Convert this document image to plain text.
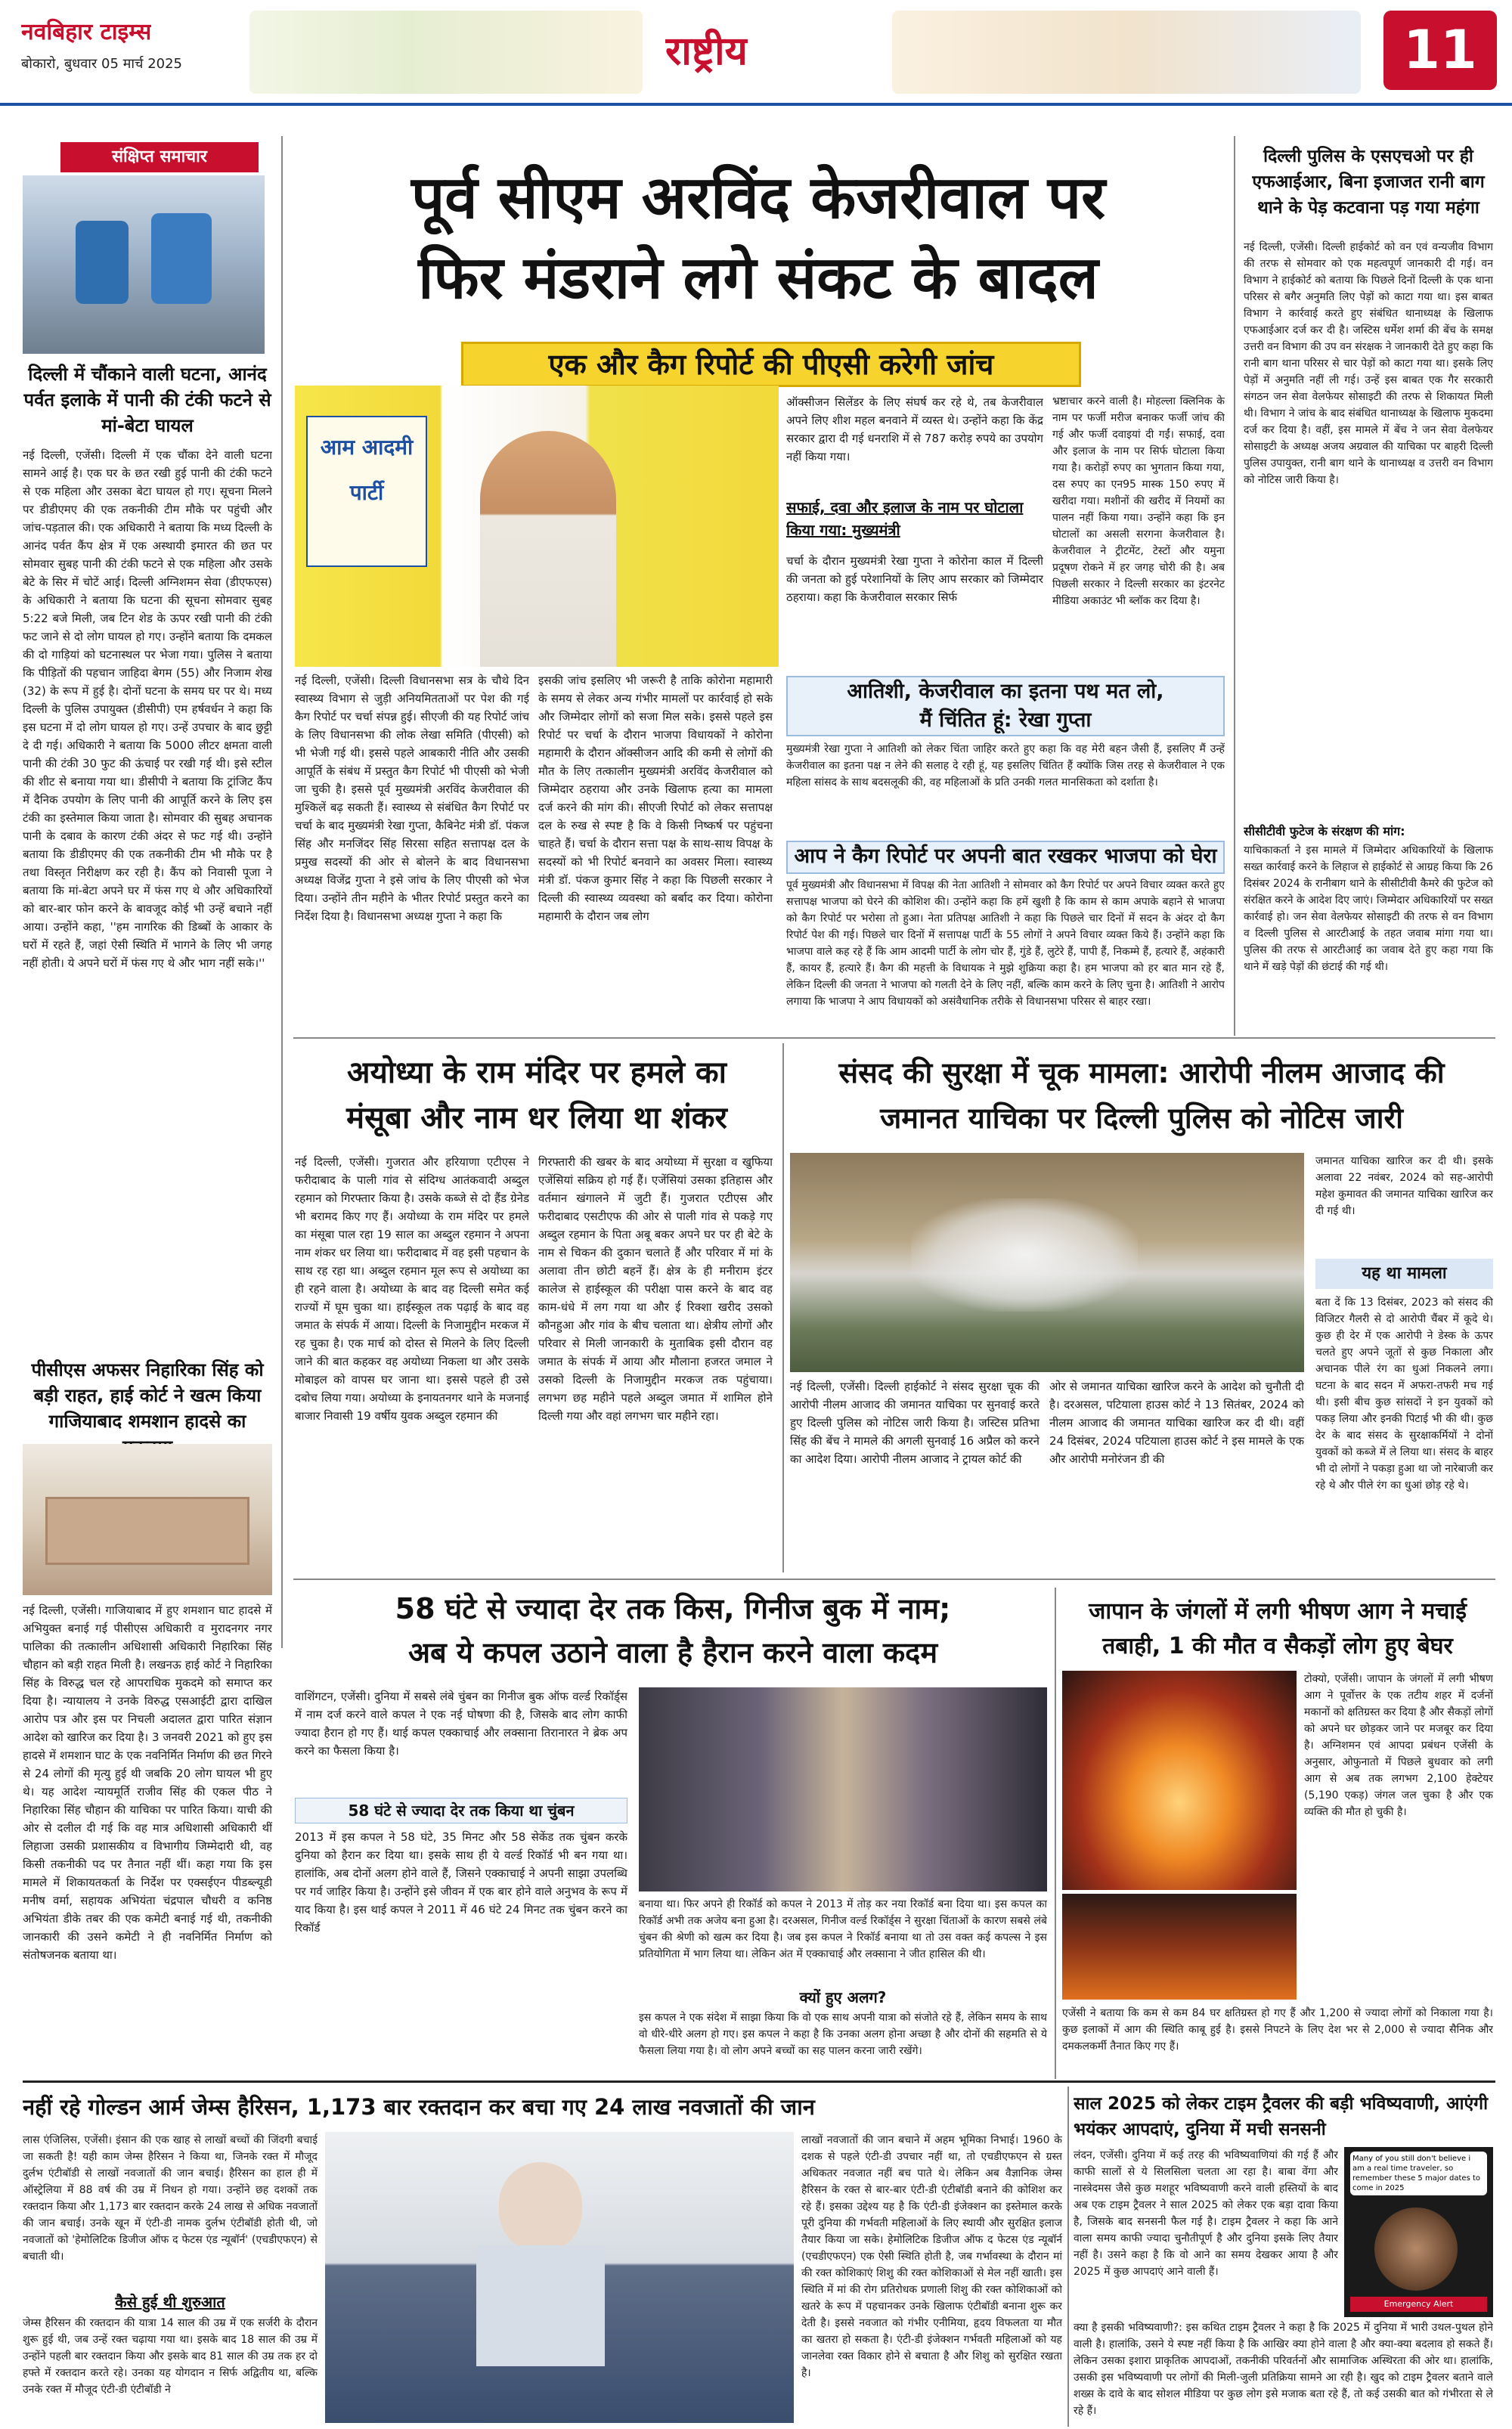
नवबिहार टाइम्स
बोकारो, बुधवार 05 मार्च 2025	राष्ट्रीय	11
संक्षिप्त समाचार
दिल्ली में चौंकाने वाली घटना, आनंद पर्वत इलाके में पानी की टंकी फटने से मां-बेटा घायल
नई दिल्ली, एजेंसी। दिल्ली में एक चौंका देने वाली घटना सामने आई है। एक घर के छत रखी हुई पानी की टंकी फटने से एक महिला और उसका बेटा घायल हो गए। सूचना मिलने पर डीडीएमए की एक तकनीकी टीम मौके पर पहुंची और जांच-पड़ताल की। एक अधिकारी ने बताया कि मध्य दिल्ली के आनंद पर्वत कैंप क्षेत्र में एक अस्थायी इमारत की छत पर सोमवार सुबह पानी की टंकी फटने से एक महिला और उसके बेटे के सिर में चोटें आई। दिल्ली अग्निशमन सेवा (डीएफएस) के अधिकारी ने बताया कि घटना की सूचना सोमवार सुबह 5:22 बजे मिली, जब टिन शेड के ऊपर रखी पानी की टंकी फट जाने से दो लोग घायल हो गए। उन्होंने बताया कि दमकल की दो गाड़ियां को घटनास्थल पर भेजा गया। पुलिस ने बताया कि पीड़ितों की पहचान जाहिदा बेगम (55) और निजाम शेख (32) के रूप में हुई है। दोनों घटना के समय घर पर थे। मध्य दिल्ली के पुलिस उपायुक्त (डीसीपी) एम हर्षवर्धन ने कहा कि इस घटना में दो लोग घायल हो गए। उन्हें उपचार के बाद छुट्टी दे दी गई। अधिकारी ने बताया कि 5000 लीटर क्षमता वाली पानी की टंकी 30 फुट की ऊंचाई पर रखी गई थी। इसे स्टील की शीट से बनाया गया था। डीसीपी ने बताया कि ट्रांजिट कैंप में दैनिक उपयोग के लिए पानी की आपूर्ति करने के लिए इस टंकी का इस्तेमाल किया जाता है। सोमवार की सुबह अचानक पानी के दबाव के कारण टंकी अंदर से फट गई थी। उन्होंने बताया कि डीडीएमए की एक तकनीकी टीम भी मौके पर है तथा विस्तृत निरीक्षण कर रही है। कैंप को निवासी पूजा ने बताया कि मां-बेटा अपने घर में फंस गए थे और अधिकारियों को बार-बार फोन करने के बावजूद कोई भी उन्हें बचाने नहीं आया। उन्होंने कहा, ''हम नागरिक की डिब्बों के आकार के घरों में रहते हैं, जहां ऐसी स्थिति में भागने के लिए भी जगह नहीं होती। ये अपने घरों में फंस गए थे और भाग नहीं सके।''
पीसीएस अफसर निहारिका सिंह को बड़ी राहत, हाई कोर्ट ने खत्म किया गाजियाबाद शमशान हादसे का
नई दिल्ली, एजेंसी। गाजियाबाद में हुए शमशान घाट हादसे में अभियुक्त बनाई गई पीसीएस अधिकारी व मुरादनगर नगर पालिका की तत्कालीन अधिशासी अधिकारी निहारिका सिंह चौहान को बड़ी राहत मिली है। लखनऊ हाई कोर्ट ने निहारिका सिंह के विरुद्ध चल रहे आपराधिक मुकदमे को समाप्त कर दिया है। न्यायालय ने उनके विरुद्ध एसआईटी द्वारा दाखिल आरोप पत्र और इस पर निचली अदालत द्वारा पारित संज्ञान आदेश को खारिज कर दिया है। 3 जनवरी 2021 को हुए इस हादसे में शमशान घाट के एक नवनिर्मित निर्माण की छत गिरने से 24 लोगों की मृत्यु हुई थी जबकि 20 लोग घायल भी हुए थे। यह आदेश न्यायमूर्ति राजीव सिंह की एकल पीठ ने निहारिका सिंह चौहान की याचिका पर पारित किया। याची की ओर से दलील दी गई कि वह मात्र अधिशासी अधिकारी थीं लिहाजा उसकी प्रशासकीय व विभागीय जिम्मेदारी थी, वह किसी तकनीकी पद पर तैनात नहीं थीं। कहा गया कि इस मामले में शिकायतकर्ता के निर्देश पर एक्सईएन पीडब्ल्यूडी मनीष वर्मा, सहायक अभियंता चंद्रपाल चौधरी व कनिष्ठ अभियंता डीके तबर की एक कमेटी बनाई गई थी, तकनीकी जानकारी की उसने कमेटी ने ही नवनिर्मित निर्माण को संतोषजनक बताया था।
पूर्व सीएम अरविंद केजरीवाल पर
फिर मंडराने लगे संकट के बादल
एक और कैग रिपोर्ट की पीएसी करेगी जांच
आम आदमी पार्टी
नई दिल्ली, एजेंसी। दिल्ली विधानसभा सत्र के चौथे दिन स्वास्थ्य विभाग से जुड़ी अनियमितताओं पर पेश की गई कैग रिपोर्ट पर चर्चा संपन्न हुई। सीएजी की यह रिपोर्ट जांच के लिए विधानसभा की लोक लेखा समिति (पीएसी) को भी भेजी गई थी। इससे पहले आबकारी नीति और उसकी आपूर्ति के संबंध में प्रस्तुत कैग रिपोर्ट भी पीएसी को भेजी जा चुकी है। इससे पूर्व मुख्यमंत्री अरविंद केजरीवाल की मुश्किलें बढ़ सकती हैं। स्वास्थ्य से संबंधित कैग रिपोर्ट पर चर्चा के बाद मुख्यमंत्री रेखा गुप्ता, कैबिनेट मंत्री डॉ. पंकज सिंह और मनजिंदर सिंह सिरसा सहित सत्तापक्ष दल के प्रमुख सदस्यों की ओर से बोलने के बाद विधानसभा अध्यक्ष विजेंद्र गुप्ता ने इसे जांच के लिए पीएसी को भेज दिया। उन्होंने तीन महीने के भीतर रिपोर्ट प्रस्तुत करने का निर्देश दिया है। विधानसभा अध्यक्ष गुप्ता ने कहा कि
इसकी जांच इसलिए भी जरूरी है ताकि कोरोना महामारी के समय से लेकर अन्य गंभीर मामलों पर कार्रवाई हो सके और जिम्मेदार लोगों को सजा मिल सके। इससे पहले इस रिपोर्ट पर चर्चा के दौरान भाजपा विधायकों ने कोरोना महामारी के दौरान ऑक्सीजन आदि की कमी से लोगों की मौत के लिए तत्कालीन मुख्यमंत्री अरविंद केजरीवाल को जिम्मेदार ठहराया और उनके खिलाफ हत्या का मामला दर्ज करने की मांग की। सीएजी रिपोर्ट को लेकर सत्तापक्ष दल के रुख से स्पष्ट है कि वे किसी निष्कर्ष पर पहुंचना चाहते हैं। चर्चा के दौरान सत्ता पक्ष के साथ-साथ विपक्ष के सदस्यों को भी रिपोर्ट बनवाने का अवसर मिला। स्वास्थ्य मंत्री डॉ. पंकज कुमार सिंह ने कहा कि पिछली सरकार ने दिल्ली की स्वास्थ्य व्यवस्था को बर्बाद कर दिया। कोरोना महामारी के दौरान जब लोग
ऑक्सीजन सिलेंडर के लिए संघर्ष कर रहे थे, तब केजरीवाल अपने लिए शीश महल बनवाने में व्यस्त थे। उन्होंने कहा कि केंद्र सरकार द्वारा दी गई धनराशि में से 787 करोड़ रुपये का उपयोग नहीं किया गया।
सफाई, दवा और इलाज के नाम पर घोटाला किया गया: मुख्यमंत्री
चर्चा के दौरान मुख्यमंत्री रेखा गुप्ता ने कोरोना काल में दिल्ली की जनता को हुई परेशानियों के लिए आप सरकार को जिम्मेदार ठहराया। कहा कि केजरीवाल सरकार सिर्फ
भ्रष्टाचार करने वाली है। मोहल्ला क्लिनिक के नाम पर फर्जी मरीज बनाकर फर्जी जांच की गई और फर्जी दवाइयां दी गईं। सफाई, दवा और इलाज के नाम पर सिर्फ घोटाला किया गया है। करोड़ों रुपए का भुगतान किया गया, दस रुपए का एन95 मास्क 150 रुपए में खरीदा गया। मशीनों की खरीद में नियमों का पालन नहीं किया गया। उन्होंने कहा कि इन घोटालों का असली सरगना केजरीवाल है। केजरीवाल ने ट्रीटमेंट, टेस्टों और यमुना प्रदूषण रोकने में हर जगह चोरी की है। अब पिछली सरकार ने दिल्ली सरकार का इंटरनेट मीडिया अकाउंट भी ब्लॉक कर दिया है।
आतिशी, केजरीवाल का इतना पथ मत लो,
मैं चिंतित हूं: रेखा गुप्ता
मुख्यमंत्री रेखा गुप्ता ने आतिशी को लेकर चिंता जाहिर करते हुए कहा कि वह मेरी बहन जैसी हैं, इसलिए मैं उन्हें केजरीवाल का इतना पक्ष न लेने की सलाह दे रही हूं, यह इसलिए चिंतित हैं क्योंकि जिस तरह से केजरीवाल ने एक महिला सांसद के साथ बदसलूकी की, वह महिलाओं के प्रति उनकी गलत मानसिकता को दर्शाता है।
आप ने कैग रिपोर्ट पर अपनी बात रखकर भाजपा को घेरा
पूर्व मुख्यमंत्री और विधानसभा में विपक्ष की नेता आतिशी ने सोमवार को कैग रिपोर्ट पर अपने विचार व्यक्त करते हुए सत्तापक्ष भाजपा को घेरने की कोशिश की। उन्होंने कहा कि हमें खुशी है कि काम से काम अपाके बहाने से भाजपा को कैग रिपोर्ट पर भरोसा तो हुआ। नेता प्रतिपक्ष आतिशी ने कहा कि पिछले चार दिनों में सदन के अंदर दो कैग रिपोर्ट पेश की गई। पिछले चार दिनों में सत्तापक्ष पार्टी के 55 लोगों ने अपने विचार व्यक्त किये हैं। उन्होंने कहा कि भाजपा वाले कह रहे हैं कि आम आदमी पार्टी के लोग चोर हैं, गुंडे हैं, लुटेरे हैं, पापी हैं, निकम्मे हैं, हत्यारे हैं, अहंकारी हैं, कायर हैं, हत्यारे हैं। कैग की महत्ती के विधायक ने मुझे शुक्रिया कहा है। हम भाजपा को हर बात मान रहे हैं, लेकिन दिल्ली की जनता ने भाजपा को गलती देने के लिए नहीं, बल्कि काम करने के लिए चुना है। आतिशी ने आरोप लगाया कि भाजपा ने आप विधायकों को असंवैधानिक तरीके से विधानसभा परिसर से बाहर रखा।
दिल्ली पुलिस के एसएचओ पर ही एफआईआर, बिना इजाजत रानी बाग थाने के पेड़ कटवाना पड़ गया महंगा
नई दिल्ली, एजेंसी। दिल्ली हाईकोर्ट को वन एवं वन्यजीव विभाग की तरफ से सोमवार को एक महत्वपूर्ण जानकारी दी गई। वन विभाग ने हाईकोर्ट को बताया कि पिछले दिनों दिल्ली के एक थाना परिसर से बगैर अनुमति लिए पेड़ों को काटा गया था। इस बाबत विभाग ने कार्रवाई करते हुए संबंधित थानाध्यक्ष के खिलाफ एफआईआर दर्ज कर दी है। जस्टिस धर्मेश शर्मा की बेंच के समक्ष उत्तरी वन विभाग की उप वन संरक्षक ने जानकारी देते हुए कहा कि रानी बाग थाना परिसर से चार पेड़ों को काटा गया था। इसके लिए पेड़ों में अनुमति नहीं ली गई। उन्हें इस बाबत एक गैर सरकारी संगठन जन सेवा वेलफेयर सोसाइटी की तरफ से शिकायत मिली थी। विभाग ने जांच के बाद संबंधित थानाध्यक्ष के खिलाफ मुकदमा दर्ज कर दिया है। वहीं, इस मामले में बेंच ने जन सेवा वेलफेयर सोसाइटी के अध्यक्ष अजय अग्रवाल की याचिका पर बाहरी दिल्ली पुलिस उपायुक्त, रानी बाग थाने के थानाध्यक्ष व उत्तरी वन विभाग को नोटिस जारी किया है।
सीसीटीवी फुटेज के संरक्षण की मांग:
याचिकाकर्ता ने इस मामले में जिम्मेदार अधिकारियों के खिलाफ सख्त कार्रवाई करने के लिहाज से हाईकोर्ट से आग्रह किया कि 26 दिसंबर 2024 के रानीबाग थाने के सीसीटीवी कैमरे की फुटेज को संरक्षित करने के आदेश दिए जाएं। जिम्मेदार अधिकारियों पर सख्त कार्रवाई हो। जन सेवा वेलफेयर सोसाइटी की तरफ से वन विभाग व दिल्ली पुलिस से आरटीआई के तहत जवाब मांगा गया था। पुलिस की तरफ से आरटीआई का जवाब देते हुए कहा गया कि थाने में खड़े पेड़ों की छंटाई की गई थी।
अयोध्या के राम मंदिर पर हमले का
मंसूबा और नाम धर लिया था शंकर
नई दिल्ली, एजेंसी। गुजरात और हरियाणा एटीएस ने फरीदाबाद के पाली गांव से संदिग्ध आतंकवादी अब्दुल रहमान को गिरफ्तार किया है। उसके कब्जे से दो हैंड ग्रेनेड भी बरामद किए गए हैं। अयोध्या के राम मंदिर पर हमले का मंसूबा पाल रहा 19 साल का अब्दुल रहमान ने अपना नाम शंकर धर लिया था। फरीदाबाद में वह इसी पहचान के साथ रह रहा था। अब्दुल रहमान मूल रूप से अयोध्या का ही रहने वाला है। अयोध्या के बाद वह दिल्ली समेत कई राज्यों में घूम चुका था। हाईस्कूल तक पढ़ाई के बाद वह जमात के संपर्क में आया। दिल्ली के निजामुद्दीन मरकज में रह चुका है। एक मार्च को दोस्त से मिलने के लिए दिल्ली जाने की बात कहकर वह अयोध्या निकला था और उसके मोबाइल को वापस घर जाना था। इससे पहले ही उसे दबोच लिया गया। अयोध्या के इनायतनगर थाने के मजनाई बाजार निवासी 19 वर्षीय युवक अब्दुल रहमान की
गिरफ्तारी की खबर के बाद अयोध्या में सुरक्षा व खुफिया एजेंसियां सक्रिय हो गई हैं। एजेंसियां उसका इतिहास और वर्तमान खंगालने में जुटी हैं। गुजरात एटीएस और फरीदाबाद एसटीएफ की ओर से पाली गांव से पकड़े गए अब्दुल रहमान के पिता अबू बकर अपने घर पर ही बेटे के नाम से चिकन की दुकान चलाते हैं और परिवार में मां के अलावा तीन छोटी बहनें हैं। क्षेत्र के ही मनीराम इंटर कालेज से हाईस्कूल की परीक्षा पास करने के बाद वह काम-धंधे में लग गया था और ई रिक्शा खरीद उसको कौनहुआ और गांव के बीच चलाता था। क्षेत्रीय लोगों और परिवार से मिली जानकारी के मुताबिक इसी दौरान वह जमात के संपर्क में आया और मौलाना हजरत जमाल ने उसको दिल्ली के निजामुद्दीन मरकज तक पहुंचाया। लगभग छह महीने पहले अब्दुल जमात में शामिल होने दिल्ली गया और वहां लगभग चार महीने रहा।
संसद की सुरक्षा में चूक मामला: आरोपी नीलम आजाद की
जमानत याचिका पर दिल्ली पुलिस को नोटिस जारी
नई दिल्ली, एजेंसी। दिल्ली हाईकोर्ट ने संसद सुरक्षा चूक की आरोपी नीलम आजाद की जमानत याचिका पर सुनवाई करते हुए दिल्ली पुलिस को नोटिस जारी किया है। जस्टिस प्रतिभा सिंह की बेंच ने मामले की अगली सुनवाई 16 अप्रैल को करने का आदेश दिया। आरोपी नीलम आजाद ने ट्रायल कोर्ट की
ओर से जमानत याचिका खारिज करने के आदेश को चुनौती दी है। दरअसल, पटियाला हाउस कोर्ट ने 13 सितंबर, 2024 को नीलम आजाद की जमानत याचिका खारिज कर दी थी। वहीं 24 दिसंबर, 2024 पटियाला हाउस कोर्ट ने इस मामले के एक और आरोपी मनोरंजन डी की
जमानत याचिका खारिज कर दी थी। इसके अलावा 22 नवंबर, 2024 को सह-आरोपी महेश कुमावत की जमानत याचिका खारिज कर दी गई थी।
यह था मामला
बता दें कि 13 दिसंबर, 2023 को संसद की विजिटर गैलरी से दो आरोपी चैंबर में कूदे थे। कुछ ही देर में एक आरोपी ने डेस्क के ऊपर चलते हुए अपने जूतों से कुछ निकाला और अचानक पीले रंग का धुआं निकलने लगा। घटना के बाद सदन में अफरा-तफरी मच गई थी। इसी बीच कुछ सांसदों ने इन युवकों को पकड़ लिया और इनकी पिटाई भी की थी। कुछ देर के बाद संसद के सुरक्षाकर्मियों ने दोनों युवकों को कब्जे में ले लिया था। संसद के बाहर भी दो लोगों ने पकड़ा हुआ था जो नारेबाजी कर रहे थे और पीले रंग का धुआं छोड़ रहे थे।
58 घंटे से ज्यादा देर तक किस, गिनीज बुक में नाम;
अब ये कपल उठाने वाला है हैरान करने वाला कदम
वाशिंगटन, एजेंसी। दुनिया में सबसे लंबे चुंबन का गिनीज बुक ऑफ वर्ल्ड रिकॉर्ड्स में नाम दर्ज करने वाले कपल ने एक नई घोषणा की है, जिसके बाद लोग काफी ज्यादा हैरान हो गए हैं। थाई कपल एक्काचाई और लक्साना तिरानारत ने ब्रेक अप करने का फैसला किया है।
58 घंटे से ज्यादा देर तक किया था चुंबन
2013 में इस कपल ने 58 घंटे, 35 मिनट और 58 सेकेंड तक चुंबन करके दुनिया को हैरान कर दिया था। इसके साथ ही ये वर्ल्ड रिकॉर्ड भी बन गया था। हालांकि, अब दोनों अलग होने वाले हैं, जिसने एक्काचाई ने अपनी साझा उपलब्धि पर गर्व जाहिर किया है। उन्होंने इसे जीवन में एक बार होने वाले अनुभव के रूप में याद किया है। इस थाई कपल ने 2011 में 46 घंटे 24 मिनट तक चुंबन करने का रिकॉर्ड
बनाया था। फिर अपने ही रिकॉर्ड को कपल ने 2013 में तोड़ कर नया रिकॉर्ड बना दिया था। इस कपल का रिकॉर्ड अभी तक अजेय बना हुआ है। दरअसल, गिनीज वर्ल्ड रिकॉर्ड्स ने सुरक्षा चिंताओं के कारण सबसे लंबे चुंबन की श्रेणी को खत्म कर दिया है। जब इस कपल ने रिकॉर्ड बनाया था तो उस वक्त कई कपल्स ने इस प्रतियोगिता में भाग लिया था। लेकिन अंत में एक्काचाई और लक्साना ने जीत हासिल की थी।
क्यों हुए अलग?
इस कपल ने एक संदेश में साझा किया कि वो एक साथ अपनी यात्रा को संजोते रहे हैं, लेकिन समय के साथ वो धीरे-धीरे अलग हो गए। इस कपल ने कहा है कि उनका अलग होना अच्छा है और दोनों की सहमति से ये फैसला लिया गया है। वो लोग अपने बच्चों का सह पालन करना जारी रखेंगे।
जापान के जंगलों में लगी भीषण आग ने मचाई
तबाही, 1 की मौत व सैकड़ों लोग हुए बेघर
टोक्यो, एजेंसी। जापान के जंगलों में लगी भीषण आग ने पूर्वोत्तर के एक तटीय शहर में दर्जनों मकानों को क्षतिग्रस्त कर दिया है और सैकड़ों लोगों को अपने घर छोड़कर जाने पर मजबूर कर दिया है। अग्निशमन एवं आपदा प्रबंधन एजेंसी के अनुसार, ओफुनातो में पिछले बुधवार को लगी आग से अब तक लगभग 2,100 हेक्टेयर (5,190 एकड़) जंगल जल चुका है और एक व्यक्ति की मौत हो चुकी है।
एजेंसी ने बताया कि कम से कम 84 घर क्षतिग्रस्त हो गए हैं और 1,200 से ज्यादा लोगों को निकाला गया है। कुछ इलाकों में आग की स्थिति काबू हुई है। इससे निपटने के लिए देश भर से 2,000 से ज्यादा सैनिक और दमकलकर्मी तैनात किए गए हैं।
नहीं रहे गोल्डन आर्म जेम्स हैरिसन, 1,173 बार रक्तदान कर बचा गए 24 लाख नवजातों की जान
लास एंजिलिस, एजेंसी। इंसान की एक खाह से लाखों बच्चों की जिंदगी बचाई जा सकती है! यही काम जेम्स हैरिसन ने किया था, जिनके रक्त में मौजूद दुर्लभ एंटीबॉडी से लाखों नवजातों की जान बचाई। हैरिसन का हाल ही में ऑस्ट्रेलिया में 88 वर्ष की उम्र में निधन हो गया। उन्होंने छह दशकों तक रक्तदान किया और 1,173 बार रक्तदान करके 24 लाख से अधिक नवजातों की जान बचाई। उनके खून में एंटी-डी नामक दुर्लभ एंटीबॉडी होती थी, जो नवजातों को 'हेमोलिटिक डिजीज ऑफ द फेटस एंड न्यूबॉर्न' (एचडीएफएन) से बचाती थी।
कैसे हुई थी शुरुआत
जेम्स हैरिसन की रक्तदान की यात्रा 14 साल की उम्र में एक सर्जरी के दौरान शुरू हुई थी, जब उन्हें रक्त चढ़ाया गया था। इसके बाद 18 साल की उम्र में उन्होंने पहली बार रक्तदान किया और इसके बाद 81 साल की उम्र तक हर दो हफ्ते में रक्तदान करते रहे। उनका यह योगदान न सिर्फ अद्वितीय था, बल्कि उनके रक्त में मौजूद एंटी-डी एंटीबॉडी ने
लाखों नवजातों की जान बचाने में अहम भूमिका निभाई। 1960 के दशक से पहले एंटी-डी उपचार नहीं था, तो एचडीएफएन से ग्रस्त अधिकतर नवजात नहीं बच पाते थे। लेकिन अब वैज्ञानिक जेम्स हैरिसन के रक्त से बार-बार एंटी-डी एंटीबॉडी बनाने की कोशिश कर रहे हैं। इसका उद्देश्य यह है कि एंटी-डी इंजेक्शन का इस्तेमाल करके पूरी दुनिया की गर्भवती महिलाओं के लिए स्थायी और सुरक्षित इलाज तैयार किया जा सके। हेमोलिटिक डिजीज ऑफ द फेटस एंड न्यूबॉर्न (एचडीएफएन) एक ऐसी स्थिति होती है, जब गर्भावस्था के दौरान मां की रक्त कोशिकाएं शिशु की रक्त कोशिकाओं से मेल नहीं खाती। इस स्थिति में मां की रोग प्रतिरोधक प्रणाली शिशु की रक्त कोशिकाओं को खतरे के रूप में पहचानकर उनके खिलाफ एंटीबॉडी बनाना शुरू कर देती है। इससे नवजात को गंभीर एनीमिया, हृदय विफलता या मौत का खतरा हो सकता है। एंटी-डी इंजेक्शन गर्भवती महिलाओं को यह जानलेवा रक्त विकार होने से बचाता है और शिशु को सुरक्षित रखता है।
साल 2025 को लेकर टाइम ट्रैवलर की बड़ी भविष्यवाणी, आएंगी भयंकर आपदाएं, दुनिया में मची सनसनी
लंदन, एजेंसी। दुनिया में कई तरह की भविष्यवाणियां की गई हैं और काफी सालों से ये सिलसिला चलता आ रहा है। बाबा वेंगा और नास्त्रेदमस जैसे कुछ मशहूर भविष्यवाणी करने वाली हस्तियों के बाद अब एक टाइम ट्रैवलर ने साल 2025 को लेकर एक बड़ा दावा किया है, जिसके बाद सनसनी फैल गई है। टाइम ट्रैवलर ने कहा कि आने वाला समय काफी ज्यादा चुनौतीपूर्ण है और दुनिया इसके लिए तैयार नहीं है। उसने कहा है कि वो आने का समय देखकर आया है और 2025 में कुछ आपदाएं आने वाली हैं।
Many of you still don't believe i am a real time traveler, so remember these 5 major dates to come in 2025
Emergency Alert
क्या है इसकी भविष्यवाणी?: इस कथित टाइम ट्रैवलर ने कहा है कि 2025 में दुनिया में भारी उथल-पुथल होने वाली है। हालांकि, उसने ये स्पष्ट नहीं किया है कि आखिर क्या होने वाला है और क्या-क्या बदलाव हो सकते हैं। लेकिन उसका इशारा प्राकृतिक आपदाओं, तकनीकी परिवर्तनों और सामाजिक अस्थिरता की ओर था। हालांकि, उसकी इस भविष्यवाणी पर लोगों की मिली-जुली प्रतिक्रिया सामने आ रही है। खुद को टाइम ट्रैवलर बताने वाले शख्स के दावे के बाद सोशल मीडिया पर कुछ लोग इसे मजाक बता रहे हैं, तो कई उसकी बात को गंभीरता से ले रहे हैं।
